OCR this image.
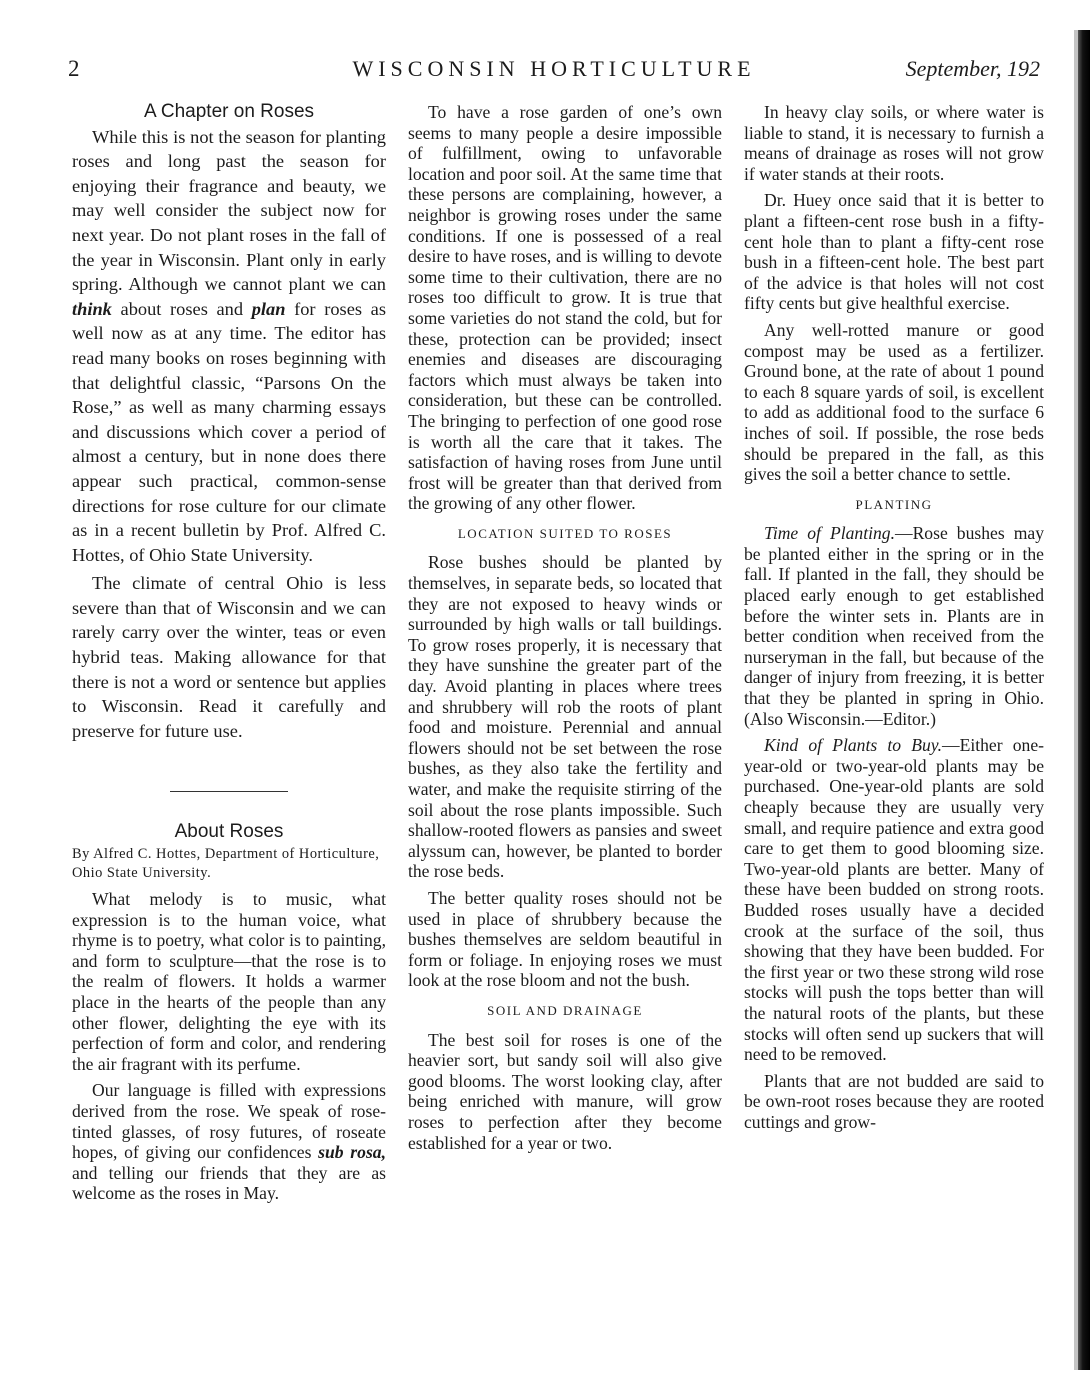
2	WISCONSIN HORTICULTURE	September, 192
A Chapter on Roses

While this is not the season for planting roses and long past the season for enjoying their fragrance and beauty, we may well consider the subject now for next year. Do not plant roses in the fall of the year in Wisconsin. Plant only in early spring. Although we cannot plant we can think about roses and plan for roses as well now as at any time. The editor has read many books on roses beginning with that delightful classic, “Parsons On the Rose,” as well as many charming essays and discussions which cover a period of almost a century, but in none does there appear such practical, common-sense directions for rose culture for our climate as in a recent bulletin by Prof. Alfred C. Hottes, of Ohio State University.

The climate of central Ohio is less severe than that of Wisconsin and we can rarely carry over the winter, teas or even hybrid teas. Making allowance for that there is not a word or sentence but applies to Wisconsin. Read it carefully and preserve for future use.

About Roses
By Alfred C. Hottes, Department of Horticulture, Ohio State University.

What melody is to music, what expression is to the human voice, what rhyme is to poetry, what color is to painting, and form to sculpture—that the rose is to the realm of flowers. It holds a warmer place in the hearts of the people than any other flower, delighting the eye with its perfection of form and color, and rendering the air fragrant with its perfume.

Our language is filled with expressions derived from the rose. We speak of rose-tinted glasses, of rosy futures, of roseate hopes, of giving our confidences sub rosa, and telling our friends that they are as welcome as the roses in May.

To have a rose garden of one’s own seems to many people a desire impossible of fulfillment, owing to unfavorable location and poor soil. At the same time that these persons are complaining, however, a neighbor is growing roses under the same conditions. If one is possessed of a real desire to have roses, and is willing to devote some time to their cultivation, there are no roses too difficult to grow. It is true that some varieties do not stand the cold, but for these, protection can be provided; insect enemies and diseases are discouraging factors which must always be taken into consideration, but these can be controlled. The bringing to perfection of one good rose is worth all the care that it takes. The satisfaction of having roses from June until frost will be greater than that derived from the growing of any other flower.

LOCATION SUITED TO ROSES

Rose bushes should be planted by themselves, in separate beds, so located that they are not exposed to heavy winds or surrounded by high walls or tall buildings. To grow roses properly, it is necessary that they have sunshine the greater part of the day. Avoid planting in places where trees and shrubbery will rob the roots of plant food and moisture. Perennial and annual flowers should not be set between the rose bushes, as they also take the fertility and water, and make the requisite stirring of the soil about the rose plants impossible. Such shallow-rooted flowers as pansies and sweet alyssum can, however, be planted to border the rose beds.

The better quality roses should not be used in place of shrubbery because the bushes themselves are seldom beautiful in form or foliage. In enjoying roses we must look at the rose bloom and not the bush.

SOIL AND DRAINAGE

The best soil for roses is one of the heavier sort, but sandy soil will also give good blooms. The worst looking clay, after being enriched with manure, will grow roses to perfection after they become established for a year or two.

In heavy clay soils, or where water is liable to stand, it is necessary to furnish a means of drainage as roses will not grow if water stands at their roots.

Dr. Huey once said that it is better to plant a fifteen-cent rose bush in a fifty-cent hole than to plant a fifty-cent rose bush in a fifteen-cent hole. The best part of the advice is that holes will not cost fifty cents but give healthful exercise.

Any well-rotted manure or good compost may be used as a fertilizer. Ground bone, at the rate of about 1 pound to each 8 square yards of soil, is excellent to add as additional food to the surface 6 inches of soil. If possible, the rose beds should be prepared in the fall, as this gives the soil a better chance to settle.

PLANTING

Time of Planting.—Rose bushes may be planted either in the spring or in the fall. If planted in the fall, they should be placed early enough to get established before the winter sets in. Plants are in better condition when received from the nurseryman in the fall, but because of the danger of injury from freezing, it is better that they be planted in spring in Ohio. (Also Wisconsin.—Editor.)

Kind of Plants to Buy.—Either one-year-old or two-year-old plants may be purchased. One-year-old plants are sold cheaply because they are usually very small, and require patience and extra good care to get them to good blooming size. Two-year-old plants are better. Many of these have been budded on strong roots. Budded roses usually have a decided crook at the surface of the soil, thus showing that they have been budded. For the first year or two these strong wild rose stocks will push the tops better than will the natural roots of the plants, but these stocks will often send up suckers that will need to be removed.

Plants that are not budded are said to be own-root roses because they are rooted cuttings and grow-
